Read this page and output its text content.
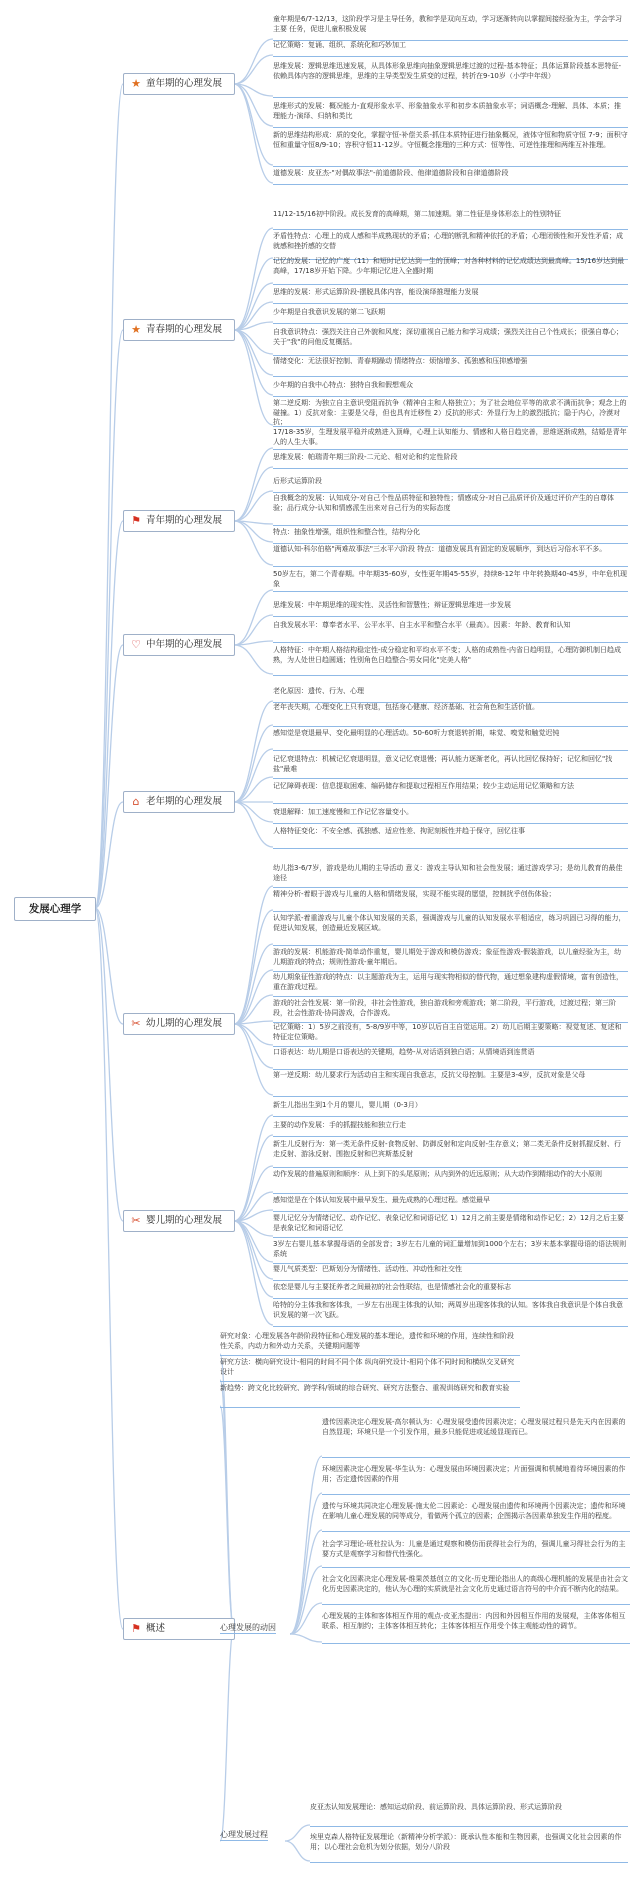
发展心理学
★ 童年期的心理发展
童年期是6/7-12/13，这阶段学习是主导任务，教和学是双向互动，学习逐渐转向以掌握间接经验为主，学会学习主要 任务，促进儿童积极发展
记忆策略：复诵、组织、系统化和巧妙加工
思维发展：逻辑思维迅速发展，从具体形象思维向抽象逻辑思维过渡的过程-基本特征；具体运算阶段基本思特征-依赖具体内容的逻辑思维，思维的主导类型发生质变的过程，转折在9-10岁（小学中年级）
思维形式的发展：概况能力-直观形象水平、形象抽象水平和初步本质抽象水平；词语概念-理解、具体、本质；推理能力-演绎、归纳和类比
新的思维结构形成：质的变化，掌握守恒-补偿关系-抓住本质特征进行抽象概况，液体守恒和物质守恒 7-9；面积守恒和重量守恒8/9-10；容积守恒11-12岁。守恒概念推理的三种方式：恒等性、可逆性推理和两维互补推理。
道德发展：皮亚杰-"对偶故事法"-前道德阶段、他律道德阶段和自律道德阶段
★ 青春期的心理发展
11/12-15/16初中阶段。成长发育的高峰期，第二加速期。第二性征是身体形态上的性别特征
矛盾性特点：心理上的成人感和半成熟现状的矛盾；心理的断乳和精神依托的矛盾；心理闭锁性和开发性矛盾；成就感和挫折感的交替
记忆的发展：记忆的广度（11）和短时记忆达到一生的顶峰；对各种材料的记忆成绩达到最高峰。15/16岁达到最高峰，17/18岁开始下降。少年期记忆进入全盛时期
思维的发展：形式运算阶段-摆脱具体内容，能设演绎推理能力发展
少年期是自我意识发展的第二飞跃期
自我意识特点：强烈关注自己外貌和风度；深切重视自己能力和学习成绩；强烈关注自己个性成长；很强自尊心；关于"我"的问他反复概括。
情绪变化：无法很好控制、青春期躁动 情绪特点：烦恼增多、孤独感和压抑感增强
少年期的自我中心特点：独特自我和假想观众
第二逆反期：为独立自主意识受阻而抗争（精神自主和人格独立）；为了社会地位平等的欲求不满而抗争；观念上的碰撞。1）反抗对象：主要是父母，但也具有迁移性 2）反抗的形式：外显行为上的激烈抵抗；隐于内心，冷漠对抗；
⚑ 青年期的心理发展
17/18-35岁，生理发展平稳并成熟进入顶峰，心理上认知能力、情感和人格日趋完善，思维逐渐成熟，结婚是青年人的人生大事。
思维发展：帕瑞青年期三阶段-二元论、相对论和约定性阶段
后形式运算阶段
自我概念的发展：认知成分-对自己个性品质特征和独特性；情感成分-对自己品质评价及通过评价产生的自尊体验；品行成分-认知和情感派生出来对自己行为的实际态度
特点：抽象性增强，组织性和整合性，结构分化
道德认知-科尔伯格"两难故事法"三水平六阶段 特点：道德发展具有固定的发展顺序，到达后习俗水平不多。
♡ 中年期的心理发展
50岁左右，第二个青春期。中年期35-60岁，女性更年期45-55岁，持续8-12年 中年转换期40-45岁，中年危机现象
思维发展：中年期思维的现实性、灵活性和智慧性；辩证逻辑思维进一步发展
自我发展水平：尊奉者水平、公平水平、自主水平和整合水平（最高）。因素：年龄、教育和认知
人格特征：中年期人格结构稳定性-成分稳定和平均水平不变；人格的成熟性-内省日趋明显，心理防御机制日趋成熟，为人处世日趋圆通；性别角色日趋整合-男女同化"完美人格"
⌂ 老年期的心理发展
老化原因：遗传、行为、心理
老年丧失期，心理变化上只有衰退，包括身心健康、经济基础、社会角色和生活价值。
感知觉是衰退最早、变化最明显的心理活动。50-60听力衰退转折期，味觉、嗅觉和触觉迟钝
记忆衰退特点：机械记忆衰退明显，意义记忆衰退慢；再认能力逐渐老化，再认比回忆保持好；记忆和回忆"找盐"最难
记忆障碍表现：信息提取困难、编码储存和提取过程相互作用结果；较少主动运用记忆策略和方法
衰退解释：加工速度慢和工作记忆容量变小。
人格特征变化：不安全感、孤独感、适应性差、拘泥刻板性并趋于保守，回忆往事
✂ 幼儿期的心理发展
幼儿指3-6/7岁，游戏是幼儿期的主导活动 意义：游戏主导认知和社会性发展；通过游戏学习；是幼儿教育的最佳途径
精神分析-着眼于游戏与儿童的人格和情绪发展，实现不能实现的愿望，控制扰乎创伤体验；
认知学派-着重游戏与儿童个体认知发展的关系，强调游戏与儿童的认知发展水平相适应，练习巩固已习得的能力，促进认知发展，创造最近发展区域。
游戏的发展：机能游戏-简单动作重复，婴儿期处于游戏和模仿游戏；象征性游戏-假装游戏，以儿童经验为主，幼儿期游戏的特点；规则性游戏-童年期后。
幼儿期象征性游戏的特点：以主题游戏为主，运用与现实物相似的替代物，通过想象建构虚假情境，富有创造性，重在游戏过程。
游戏的社会性发展：第一阶段，非社会性游戏，独自游戏和旁观游戏；第二阶段，平行游戏，过渡过程；第三阶段，社会性游戏-协同游戏，合作游戏。
记忆策略：1）5岁之前没有，5-8/9岁中等，10岁以后自主自觉运用。2）幼儿后期主要策略：视觉复述、复述和特征定位策略。
口语表达：幼儿期是口语表达的关键期，趋势-从对话语到独白语；从情境语到连贯语
第一逆反期：幼儿要求行为活动自主和实现自我意志，反抗父母控制。主要是3-4岁，反抗对象是父母
✂ 婴儿期的心理发展
新生儿指出生到1个月的婴儿，婴儿期（0-3月）
主要的动作发展：手的抓握技能和独立行走
新生儿反射行为：第一类无条件反射-食物反射、防御反射和定向反射-生存意义；第二类无条件反射抓握反射、行走反射、游泳反射、围抱反射和巴宾斯基反射
动作发展的普遍原则和顺序：从上到下的头尾原则；从内到外的近远原则；从大动作到精细动作的大小原则
感知觉是在个体认知发展中最早发生、最先成熟的心理过程。感觉最早
婴儿记忆分为情绪记忆、动作记忆、表象记忆和词语记忆 1）12月之前主要是情绪和动作记忆；2）12月之后主要是表象记忆和词语记忆
3岁左右婴儿基本掌握母语的全部发音；3岁左右儿童的词汇量增加到1000个左右；3岁末基本掌握母语的语法规则系统
婴儿气质类型：巴斯划分为情绪性、活动性、冲动性和社交性
依恋是婴儿与主要抚养者之间最初的社会性联结，也是情感社会化的重要标志
哈特的分主体我和客体我，一岁左右出现主体我的认知；两周岁出现客体我的认知。客体我自我意识是个体自我意识发展的第一次飞跃。
⚑ 概述
研究对象：心理发展各年龄阶段特征和心理发展的基本理论，遗传和环境的作用，连续性和阶段性关系，内动力和外动力关系，关键期问题等
研究方法：横向研究设计-相同的时间不同个体 纵向研究设计-相同个体不同时间和横纵交叉研究设计
新趋势：跨文化比较研究、跨学科/领域的综合研究、研究方法整合、重视训练研究和教育实验
心理发展的动因
遗传因素决定心理发展-高尔顿认为：心理发展受遗传因素决定；心理发展过程只是先天内在因素的自然显现；环境只是一个引发作用，最多只能促进或延缓显现而已。
环境因素决定心理发展-华生认为：心理发展由环境因素决定；片面强调和机械地看待环境因素的作用；否定遗传因素的作用
遗传与环境共同决定心理发展-施太伦二因素论：心理发展由遗传和环境两个因素决定；遗传和环境在影响儿童心理发展的同等成分，看做两个孤立的因素；企图揭示各因素单独发生作用的程度。
社会学习理论-班杜拉认为：儿童是通过观察和模仿而获得社会行为的，强调儿童习得社会行为的主要方式是观察学习和替代性强化。
社会文化因素决定心理发展-维果茨基创立的文化-历史理论指出人的高级心理机能的发展是由社会文化历史因素决定的，他认为心理的实质就是社会文化历史通过语言符号的中介而不断内化的结果。
心理发展的主体和客体相互作用的观点-皮亚杰提出：内因和外因相互作用的发展观，主体客体相互联系、相互制约；主体客体相互转化；主体客体相互作用受个体主观能动性的调节。
心理发展过程
皮亚杰认知发展理论：感知运动阶段、前运算阶段、具体运算阶段、形式运算阶段
埃里克森人格特征发展理论（新精神分析学派）：既承认性本能和生物因素，也强调文化社会因素的作用；以心理社会危机为划分依据，划分八阶段
